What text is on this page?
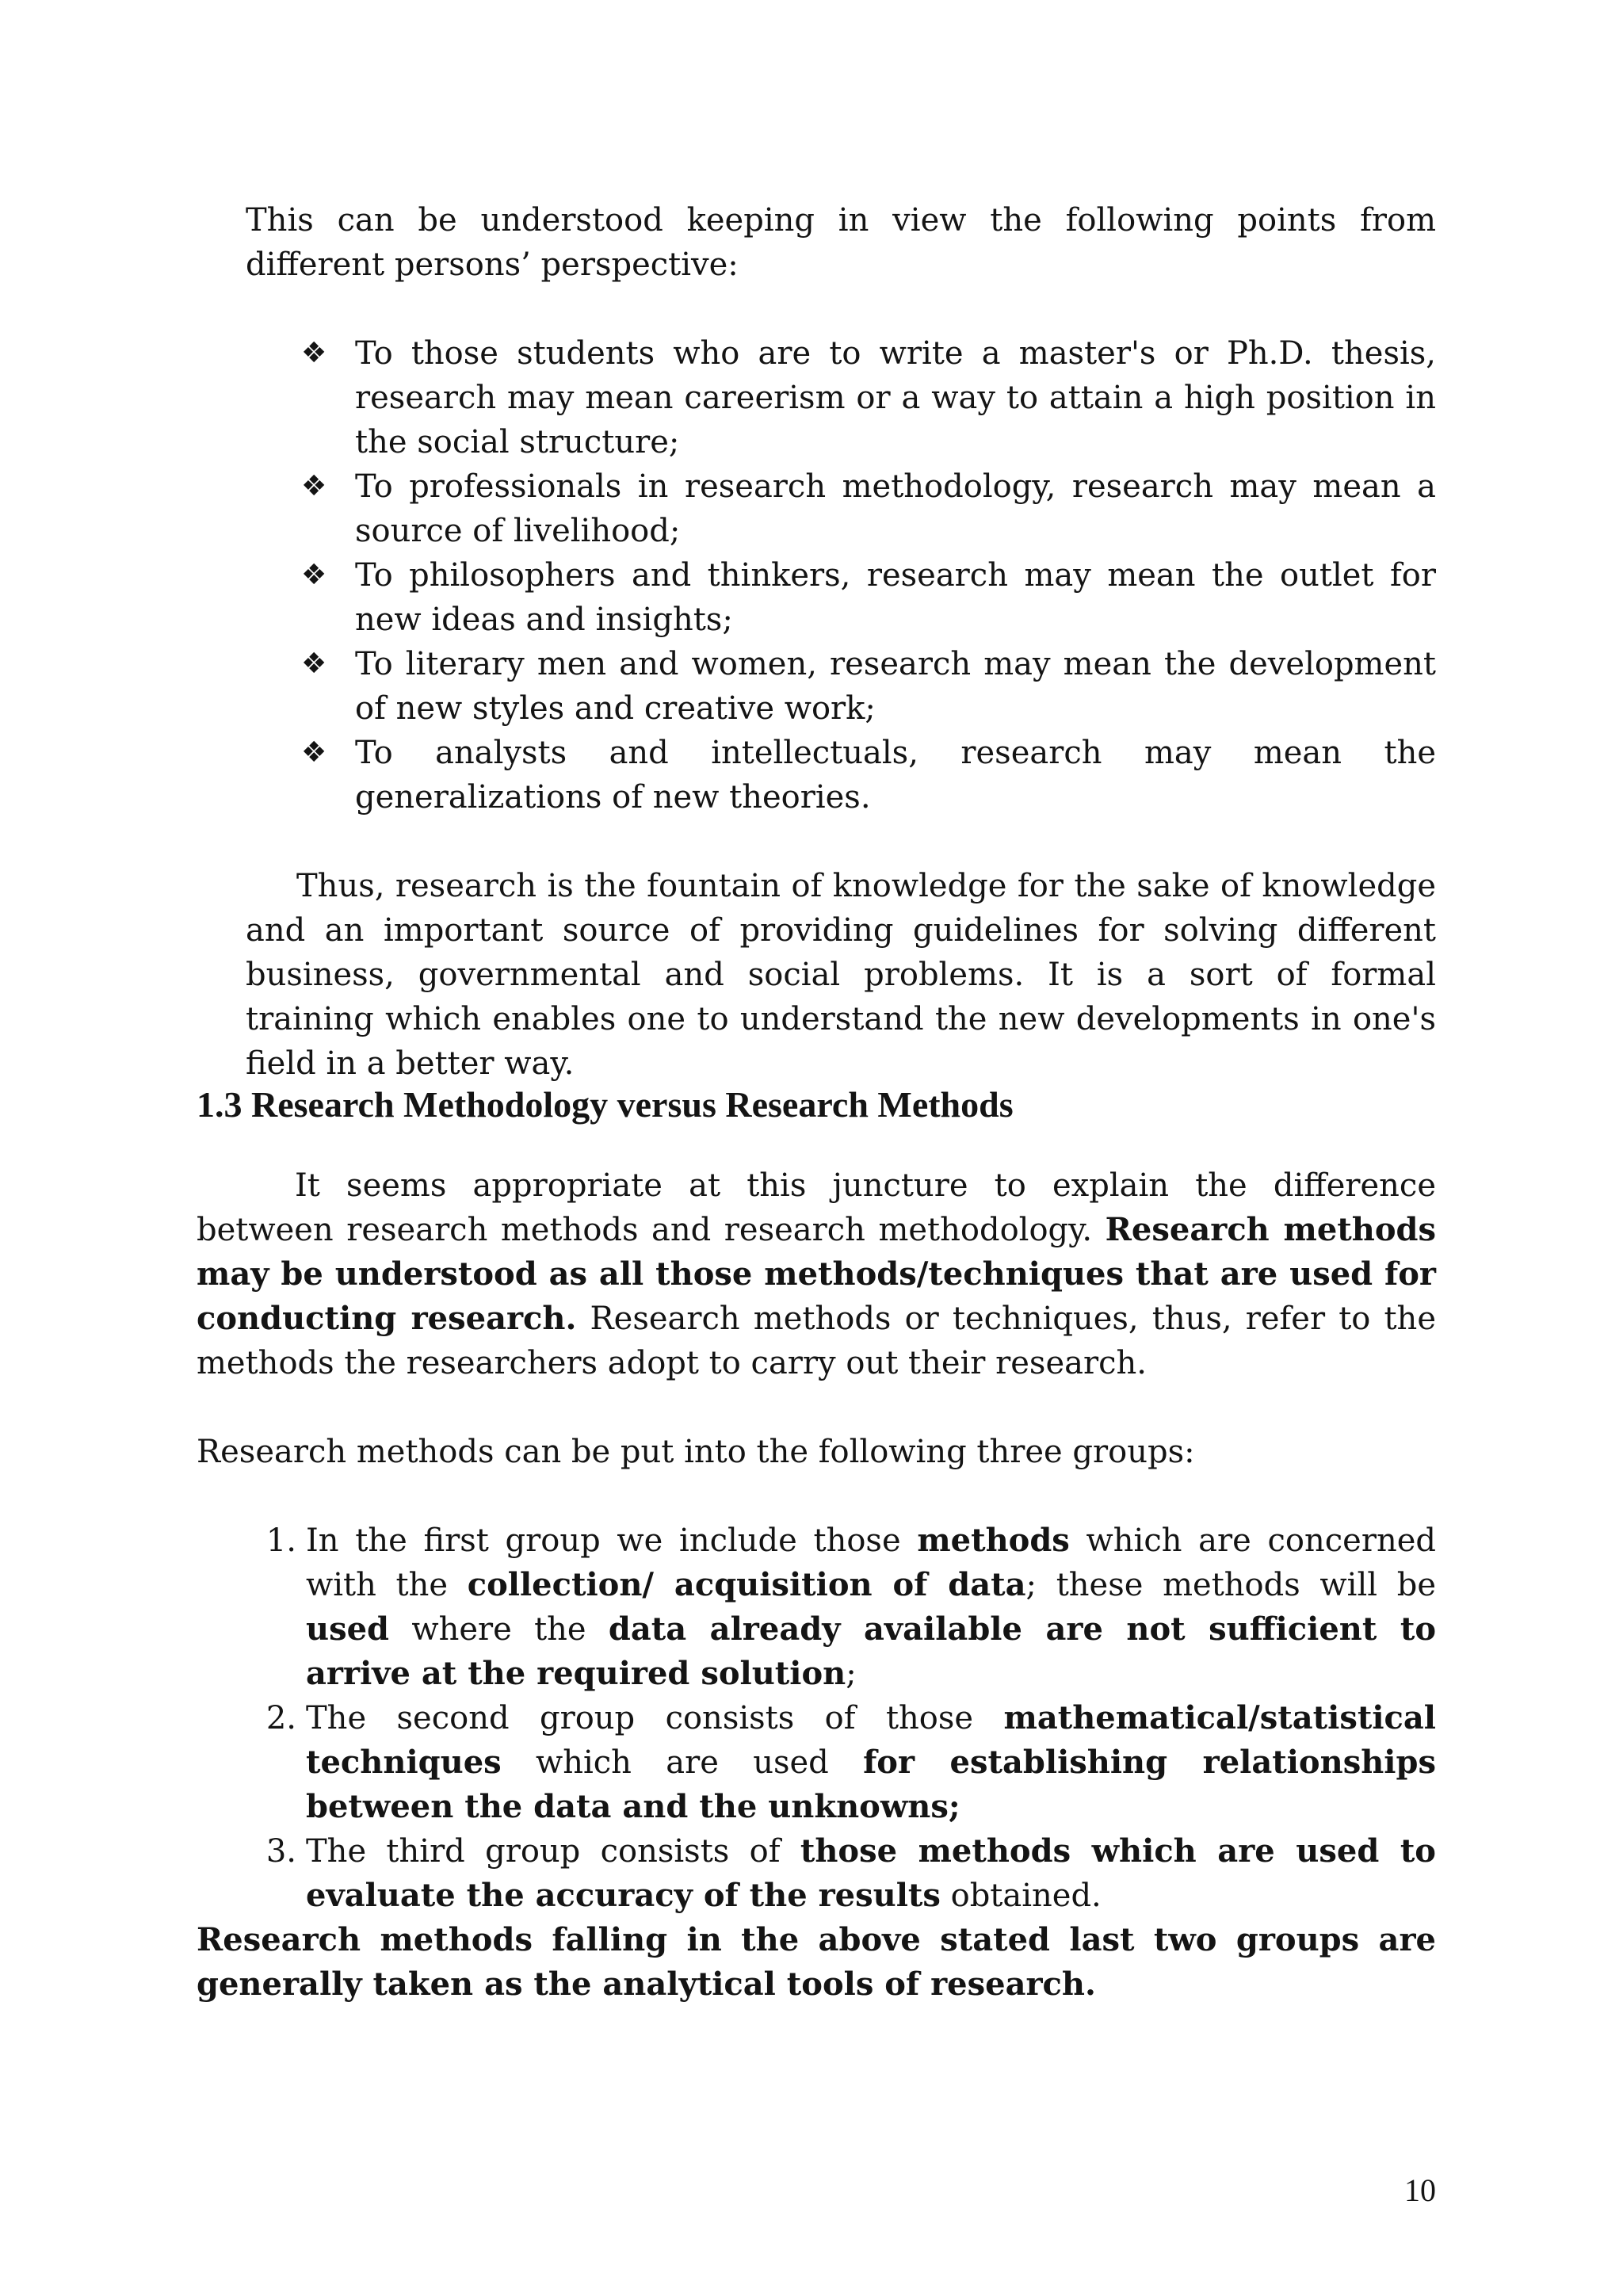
This can be understood keeping in view the following points from different persons’ perspective:

❖ To those students who are to write a master's or Ph.D. thesis, research may mean careerism or a way to attain a high position in the social structure;
❖ To professionals in research methodology, research may mean a source of livelihood;
❖ To philosophers and thinkers, research may mean the outlet for new ideas and insights;
❖ To literary men and women, research may mean the development of new styles and creative work;
❖ To analysts and intellectuals, research may mean the generalizations of new theories.

Thus, research is the fountain of knowledge for the sake of knowledge and an important source of providing guidelines for solving different business, governmental and social problems. It is a sort of formal training which enables one to understand the new developments in one's field in a better way.

1.3 Research Methodology versus Research Methods

It seems appropriate at this juncture to explain the difference between research methods and research methodology. Research methods may be understood as all those methods/techniques that are used for conducting research. Research methods or techniques, thus, refer to the methods the researchers adopt to carry out their research.

Research methods can be put into the following three groups:

1. In the first group we include those methods which are concerned with the collection/ acquisition of data; these methods will be used where the data already available are not sufficient to arrive at the required solution;
2. The second group consists of those mathematical/statistical techniques which are used for establishing relationships between the data and the unknowns;
3. The third group consists of those methods which are used to evaluate the accuracy of the results obtained.

Research methods falling in the above stated last two groups are generally taken as the analytical tools of research.

10
